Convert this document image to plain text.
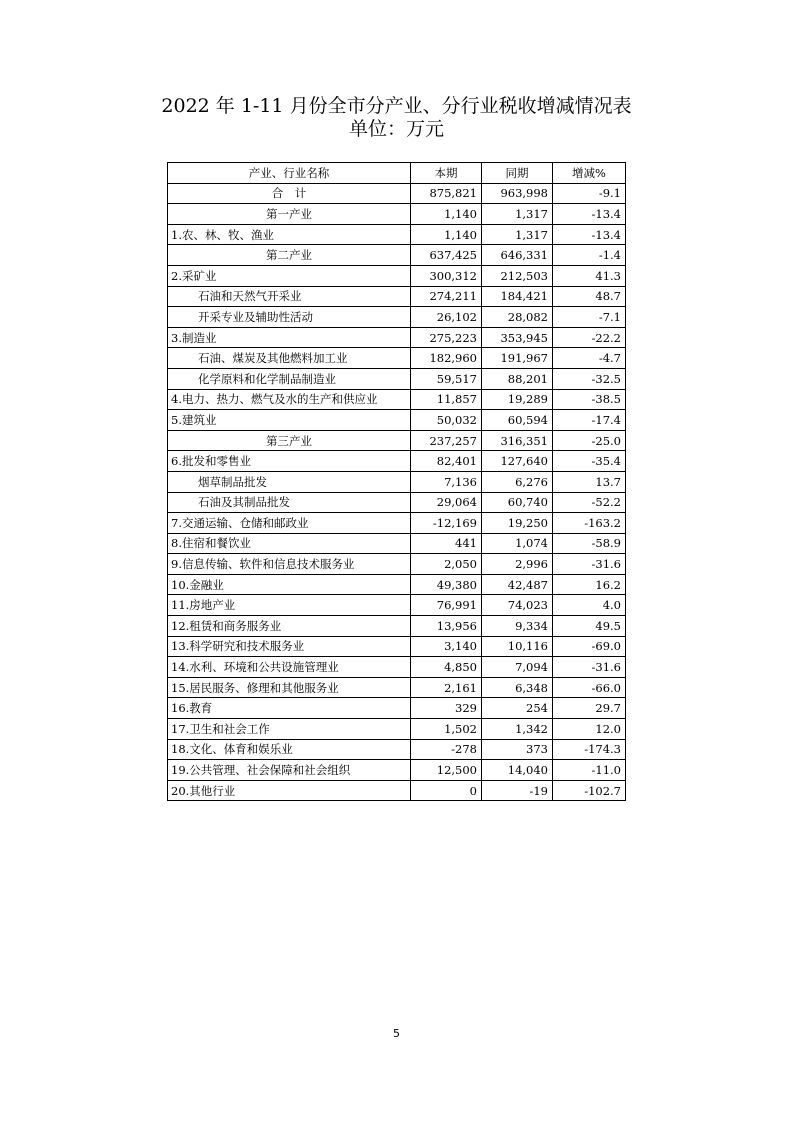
2022 年 1-11 月份全市分产业、分行业税收增减情况表
单位：万元
产业、行业名称	本期	同期	增减%
合　计	875,821	963,998	-9.1
第一产业	1,140	1,317	-13.4
1.农、林、牧、渔业	1,140	1,317	-13.4
第二产业	637,425	646,331	-1.4
2.采矿业	300,312	212,503	41.3
石油和天然气开采业	274,211	184,421	48.7
开采专业及辅助性活动	26,102	28,082	-7.1
3.制造业	275,223	353,945	-22.2
石油、煤炭及其他燃料加工业	182,960	191,967	-4.7
化学原料和化学制品制造业	59,517	88,201	-32.5
4.电力、热力、燃气及水的生产和供应业	11,857	19,289	-38.5
5.建筑业	50,032	60,594	-17.4
第三产业	237,257	316,351	-25.0
6.批发和零售业	82,401	127,640	-35.4
烟草制品批发	7,136	6,276	13.7
石油及其制品批发	29,064	60,740	-52.2
7.交通运输、仓储和邮政业	-12,169	19,250	-163.2
8.住宿和餐饮业	441	1,074	-58.9
9.信息传输、软件和信息技术服务业	2,050	2,996	-31.6
10.金融业	49,380	42,487	16.2
11.房地产业	76,991	74,023	4.0
12.租赁和商务服务业	13,956	9,334	49.5
13.科学研究和技术服务业	3,140	10,116	-69.0
14.水利、环境和公共设施管理业	4,850	7,094	-31.6
15.居民服务、修理和其他服务业	2,161	6,348	-66.0
16.教育	329	254	29.7
17.卫生和社会工作	1,502	1,342	12.0
18.文化、体育和娱乐业	-278	373	-174.3
19.公共管理、社会保障和社会组织	12,500	14,040	-11.0
20.其他行业	0	-19	-102.7
5
